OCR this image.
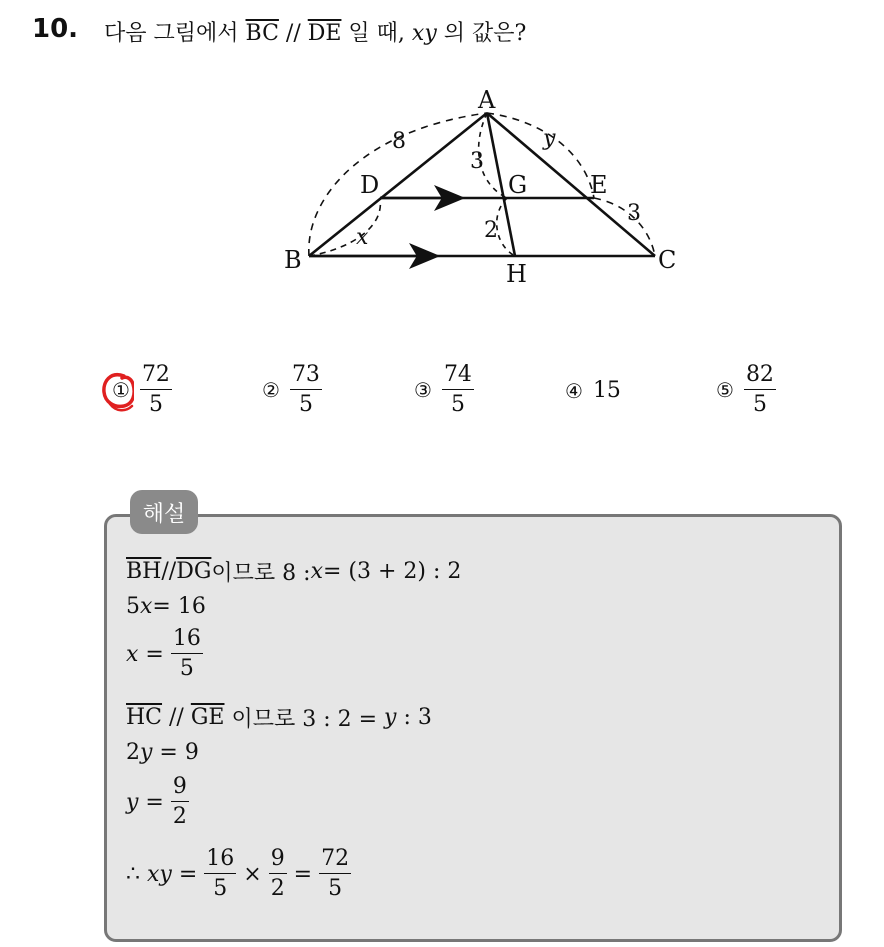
10. 다음 그림에서 $\overline{BC} // \overline{DE}$ 일 때, xy 의 값은?
A
B	C
D	E
G
H
8	y
3
3
2
x
① $\frac{72}{5}$	② $\frac{73}{5}$	③ $\frac{74}{5}$	④ 15	⑤ $\frac{82}{5}$
해설
$\overline{BH} // \overline{DG}$ 이므로 8 : x = (3 + 2) : 2
5 x = 16
$x = \frac{16}{5}$
$\overline{HC} // \overline{GE}$ 이므로 3 : 2 = y : 3
2 y = 9
$y = \frac{9}{2}$
∴ xy = $\frac{16}{5} \times \frac{9}{2} = \frac{72}{5}$
